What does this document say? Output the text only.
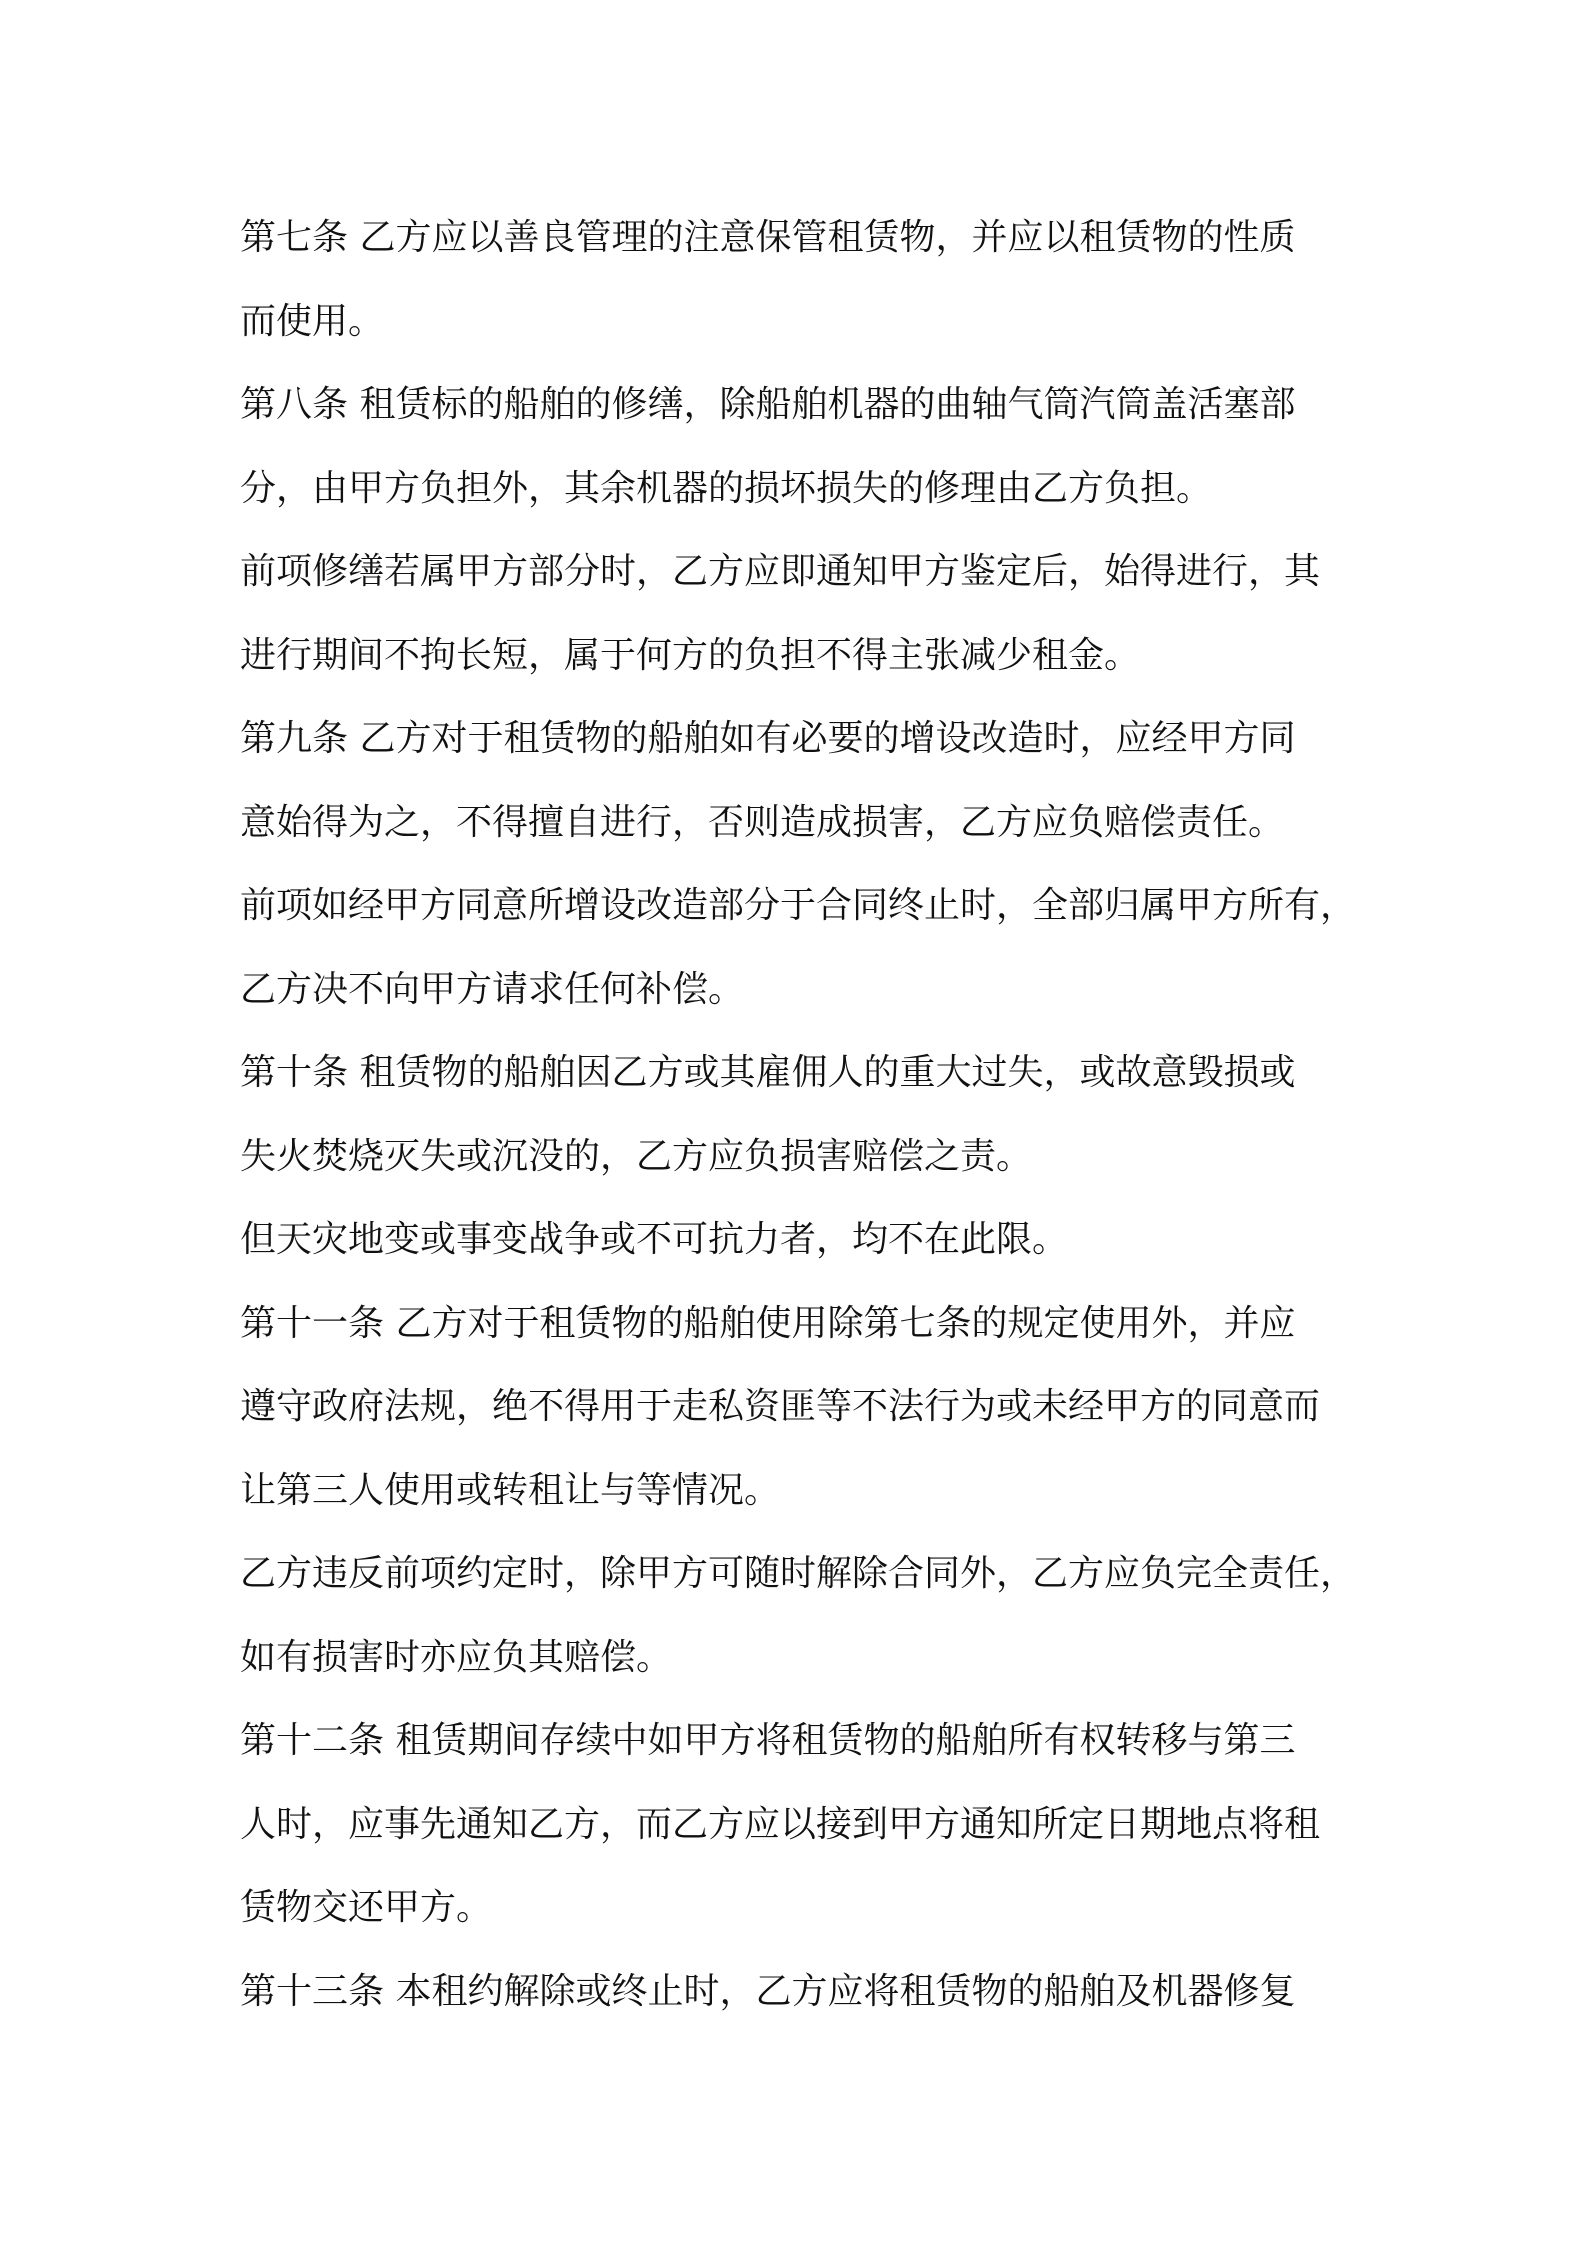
第七条 乙方应以善良管理的注意保管租赁物，并应以租赁物的性质
而使用。

第八条 租赁标的船舶的修缮，除船舶机器的曲轴气筒汽筒盖活塞部
分，由甲方负担外，其余机器的损坏损失的修理由乙方负担。

前项修缮若属甲方部分时，乙方应即通知甲方鉴定后，始得进行，其
进行期间不拘长短，属于何方的负担不得主张减少租金。

第九条 乙方对于租赁物的船舶如有必要的增设改造时，应经甲方同
意始得为之，不得擅自进行，否则造成损害，乙方应负赔偿责任。

前项如经甲方同意所增设改造部分于合同终止时，全部归属甲方所有，
乙方决不向甲方请求任何补偿。

第十条 租赁物的船舶因乙方或其雇佣人的重大过失，或故意毁损或
失火焚烧灭失或沉没的，乙方应负损害赔偿之责。

但天灾地变或事变战争或不可抗力者，均不在此限。

第十一条 乙方对于租赁物的船舶使用除第七条的规定使用外，并应
遵守政府法规，绝不得用于走私资匪等不法行为或未经甲方的同意而
让第三人使用或转租让与等情况。

乙方违反前项约定时，除甲方可随时解除合同外，乙方应负完全责任，
如有损害时亦应负其赔偿。

第十二条 租赁期间存续中如甲方将租赁物的船舶所有权转移与第三
人时，应事先通知乙方，而乙方应以接到甲方通知所定日期地点将租
赁物交还甲方。

第十三条 本租约解除或终止时，乙方应将租赁物的船舶及机器修复
